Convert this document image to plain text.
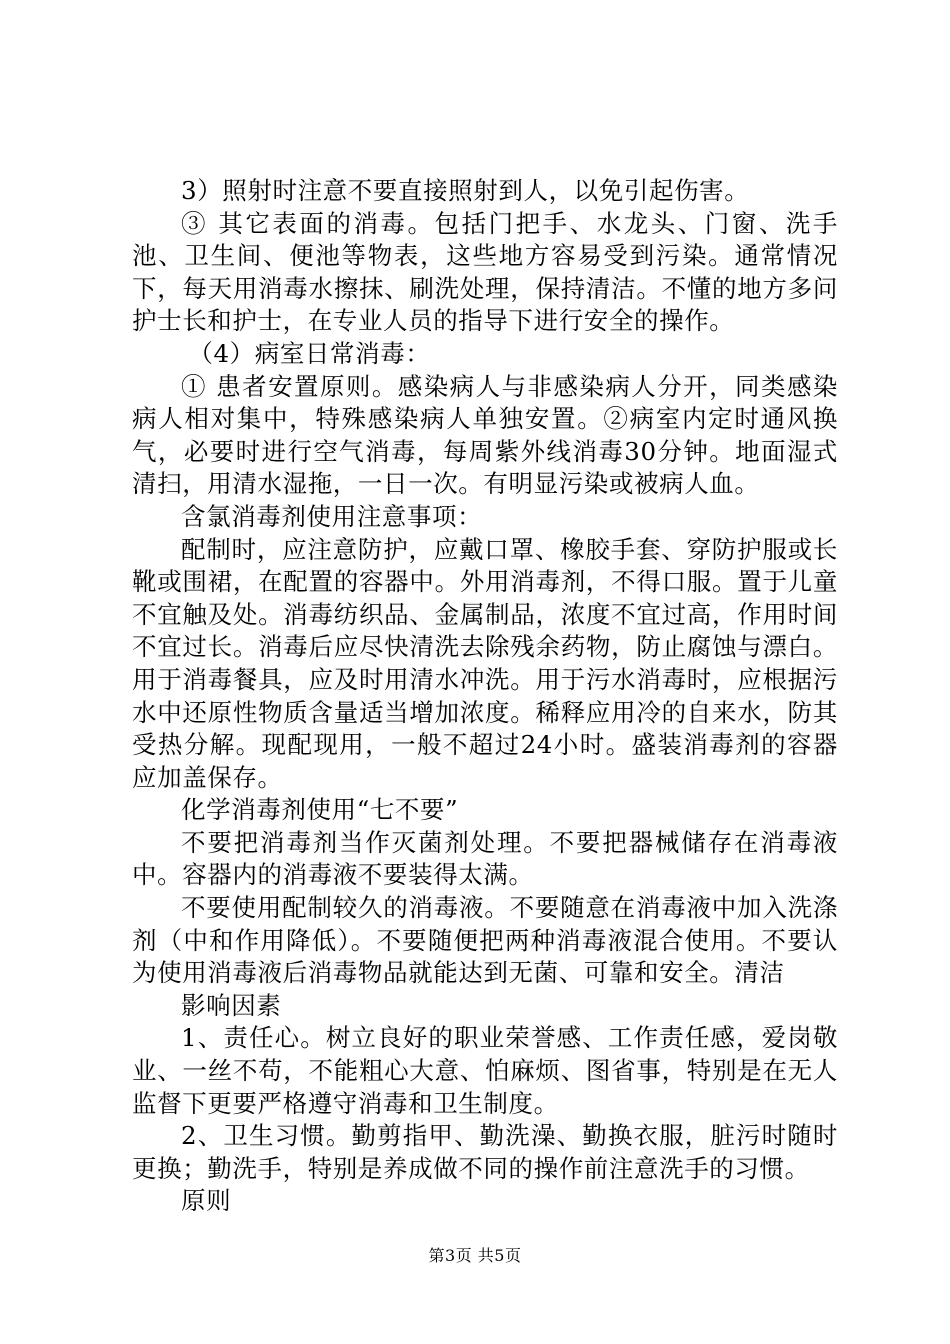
3）照射时注意不要直接照射到人，以免引起伤害。

③ 其它表面的消毒。包括门把手、水龙头、门窗、洗手池、卫生间、便池等物表，这些地方容易受到污染。通常情况下，每天用消毒水擦抹、刷洗处理，保持清洁。不懂的地方多问护士长和护士，在专业人员的指导下进行安全的操作。

（4）病室日常消毒：

① 患者安置原则。感染病人与非感染病人分开，同类感染病人相对集中，特殊感染病人单独安置。②病室内定时通风换气，必要时进行空气消毒，每周紫外线消毒30分钟。地面湿式清扫，用清水湿拖，一日一次。有明显污染或被病人血。

含氯消毒剂使用注意事项：

配制时，应注意防护，应戴口罩、橡胶手套、穿防护服或长靴或围裙，在配置的容器中。外用消毒剂，不得口服。置于儿童不宜触及处。消毒纺织品、金属制品，浓度不宜过高，作用时间不宜过长。消毒后应尽快清洗去除残余药物，防止腐蚀与漂白。用于消毒餐具，应及时用清水冲洗。用于污水消毒时，应根据污水中还原性物质含量适当增加浓度。稀释应用冷的自来水，防其受热分解。现配现用，一般不超过24小时。盛装消毒剂的容器应加盖保存。

化学消毒剂使用“七不要”

不要把消毒剂当作灭菌剂处理。不要把器械储存在消毒液中。容器内的消毒液不要装得太满。

不要使用配制较久的消毒液。不要随意在消毒液中加入洗涤剂（中和作用降低）。不要随便把两种消毒液混合使用。不要认为使用消毒液后消毒物品就能达到无菌、可靠和安全。清洁

影响因素

1、责任心。树立良好的职业荣誉感、工作责任感，爱岗敬业、一丝不苟，不能粗心大意、怕麻烦、图省事，特别是在无人监督下更要严格遵守消毒和卫生制度。

2、卫生习惯。勤剪指甲、勤洗澡、勤换衣服，脏污时随时更换；勤洗手，特别是养成做不同的操作前注意洗手的习惯。

原则

第3页 共5页
